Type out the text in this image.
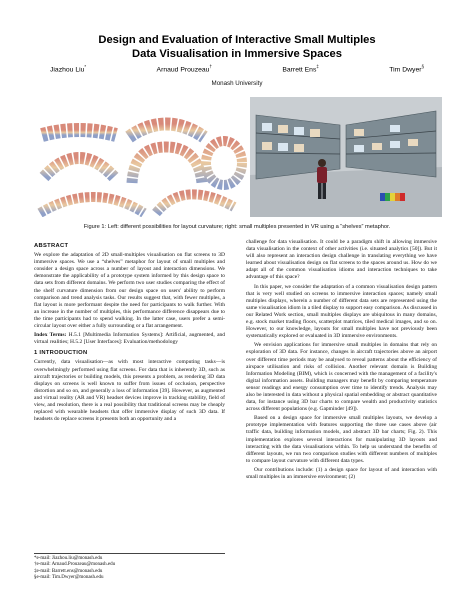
Design and Evaluation of Interactive Small Multiples
Data Visualisation in Immersive Spaces
Jiazhou Liu*	Arnaud Prouzeau†	Barrett Ens‡	Tim Dwyer§
Monash University
Figure 1: Left: different possibilities for layout curvature; right: small multiples presented in VR using a “shelves” metaphor.
ABSTRACT

We explore the adaptation of 2D small-multiples visualisation on flat screens to 3D immersive spaces. We use a “shelves” metaphor for layout of small multiples and consider a design space across a number of layout and interaction dimensions. We demonstrate the applicability of a prototype system informed by this design space to data sets from different domains. We perform two user studies comparing the effect of the shelf curvature dimension from our design space on users' ability to perform comparison and trend analysis tasks. Our results suggest that, with fewer multiples, a flat layout is more performant despite the need for participants to walk further. With an increase in the number of multiples, this performance difference disappears due to the time participants had to spend walking. In the latter case, users prefer a semi-circular layout over either a fully surrounding or a flat arrangement.

Index Terms: H.5.1 [Multimedia Information Systems]: Artificial, augmented, and virtual realities; H.5.2 [User Interfaces]: Evaluation/methodology

1 INTRODUCTION

Currently, data visualisation—as with most interactive computing tasks—is overwhelmingly performed using flat screens. For data that is inherently 3D, such as aircraft trajectories or building models, this presents a problem, as rendering 3D data displays on screens is well known to suffer from issues of occlusion, perspective distortion and so on, and generally a loss of information [39]. However, as augmented and virtual reality (AR and VR) headset devices improve in tracking stability, field of view, and resolution, there is a real possibility that traditional screens may be cheaply replaced with wearable headsets that offer immersive display of such 3D data. If headsets do replace screens it presents both an opportunity and a

*e-mail: Jiazhou.liu@monash.edu
†e-mail: Arnaud.Prouzeau@monash.edu
‡e-mail: Barrett.ens@monash.edu
§e-mail: Tim.Dwyer@monash.edu

challenge for data visualisation. It could be a paradigm shift in allowing immersive data visualisation in the context of other activities (i.e. situated analytics [50]). But it will also represent an interaction design challenge in translating everything we have learned about visualisation design on flat screens to the spaces around us. How do we adapt all of the common visualisation idioms and interaction techniques to take advantage of this space?

In this paper, we consider the adaptation of a common visualisation design pattern that is very well studied on screens to immersive interaction spaces; namely small multiples displays, wherein a number of different data sets are represented using the same visualisation idiom in a tiled display to support easy comparison. As discussed in our Related Work section, small multiples displays are ubiquitous in many domains, e.g. stock market trading floors, scatterplot matrices, tiled medical images, and so on. However, to our knowledge, layouts for small multiples have not previously been systematically explored or evaluated in 3D immersive environments.

We envision applications for immersive small multiples in domains that rely on exploration of 3D data. For instance, changes in aircraft trajectories above an airport over different time periods may be analysed to reveal patterns about the efficiency of airspace utilisation and risks of collision. Another relevant domain is Building Information Modeling (BIM), which is concerned with the management of a facility's digital information assets. Building managers may benefit by comparing temperature sensor readings and energy consumption over time to identify trends. Analysis may also be interested in data without a physical spatial embedding or abstract quantitative data, for instance using 3D bar charts to compare wealth and productivity statistics across different populations (e.g. Gapminder [49]).

Based on a design space for immersive small multiples layouts, we develop a prototype implementation with features supporting the three use cases above (air traffic data, building information models, and abstract 3D bar charts; Fig. 2). This implementation explores several interactions for manipulating 3D layouts and interacting with the data visualisations within. To help us understand the benefits of different layouts, we run two comparison studies with different numbers of multiples to compare layout curvature with different data types.

Our contributions include: (1) a design space for layout of and interaction with small multiples in an immersive environment; (2)
